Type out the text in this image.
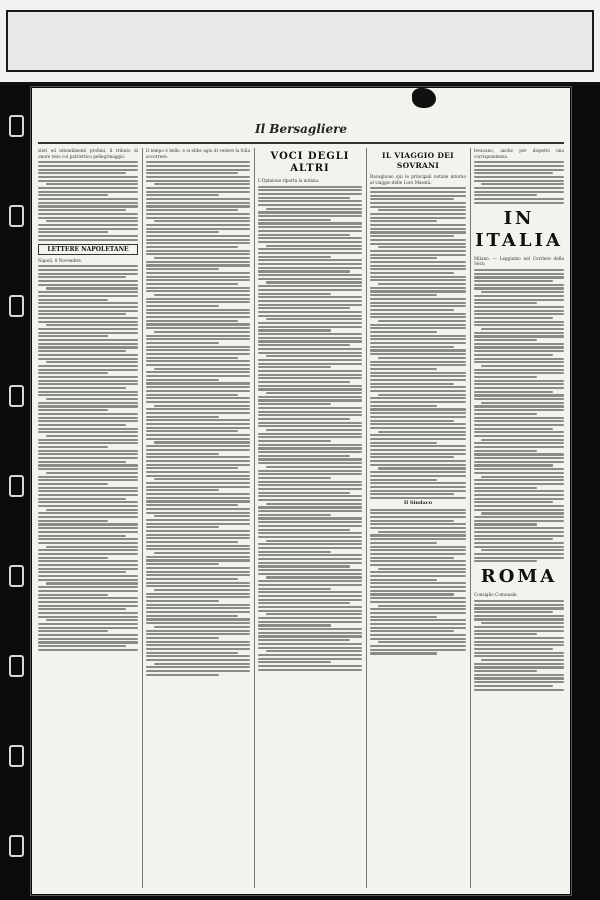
Il Bersagliere

sieri ed intendimenti profani, il tributo di onore reso col patriottico pellegrinaggio.

LETTERE NAPOLETANE

Napoli, 8 Novembre.

Il tempo è bello, e si ebbe agio di vedere la folla accorrere.	VOCI DEGLI ALTRI

L'Opinione riporta la notizia.

IL VIAGGIO DEI SOVRANI

Ravagliono qui le principali notizie intorno al viaggio delle Loro Maestà.

Il Sindaco

levavano, anche per dispetto una corrispondenza.

IN ITALIA

Milano. — Leggiamo nel Corriere della Sera:

ROMA

Consiglio Comunale.
